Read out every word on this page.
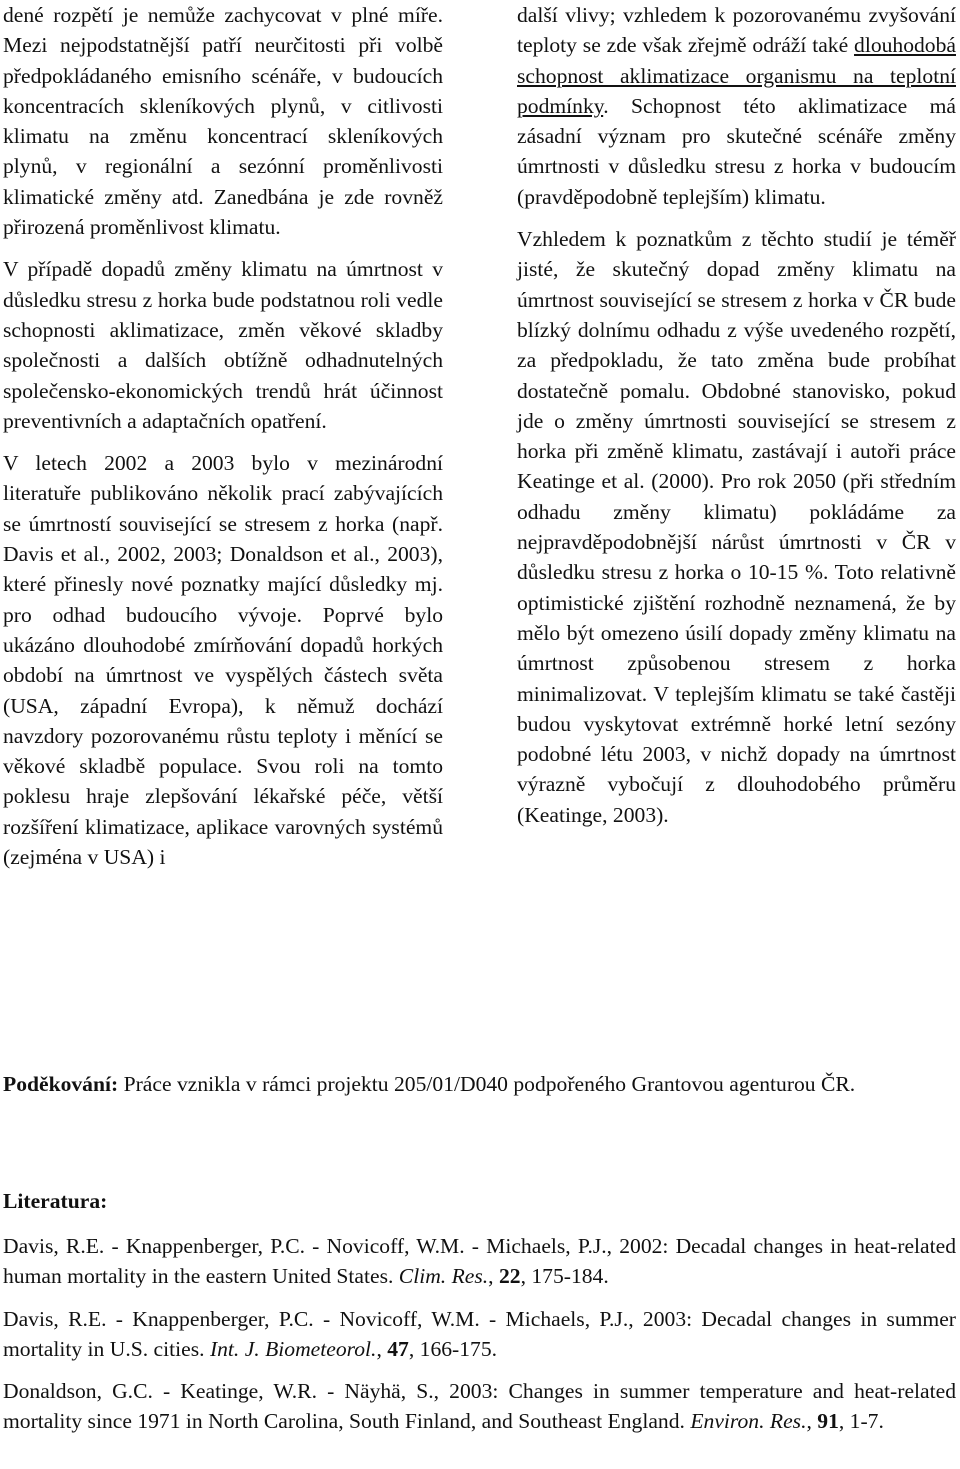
dené rozpětí je nemůže zachycovat v plné míře. Mezi nejpodstatnější patří neurčitosti při volbě předpokládaného emisního scénáře, v budoucích koncentracích skleníkových plynů, v citlivosti klimatu na změnu koncentrací skleníkových plynů, v regionální a sezónní proměnlivosti klimatické změny atd. Zanedbána je zde rovněž přirozená proměnlivost klimatu.

V případě dopadů změny klimatu na úmrtnost v důsledku stresu z horka bude podstatnou roli vedle schopnosti aklimatizace, změn věkové skladby společnosti a dalších obtížně odhadnutelných společensko-ekonomických trendů hrát účinnost preventivních a adaptačních opatření.

V letech 2002 a 2003 bylo v mezinárodní literatuře publikováno několik prací zabývajících se úmrtností související se stresem z horka (např. Davis et al., 2002, 2003; Donaldson et al., 2003), které přinesly nové poznatky mající důsledky mj. pro odhad budoucího vývoje. Poprvé bylo ukázáno dlouhodobé zmírňování dopadů horkých období na úmrtnost ve vyspělých částech světa (USA, západní Evropa), k němuž dochází navzdory pozorovanému růstu teploty i měnící se věkové skladbě populace. Svou roli na tomto poklesu hraje zlepšování lékařské péče, větší rozšíření klimatizace, aplikace varovných systémů (zejména v USA) i

další vlivy; vzhledem k pozorovanému zvyšování teploty se zde však zřejmě odráží také dlouhodobá schopnost aklimatizace organismu na teplotní podmínky. Schopnost této aklimatizace má zásadní význam pro skutečné scénáře změny úmrtnosti v důsledku stresu z horka v budoucím (pravděpodobně teplejším) klimatu.

Vzhledem k poznatkům z těchto studií je téměř jisté, že skutečný dopad změny klimatu na úmrtnost související se stresem z horka v ČR bude blízký dolnímu odhadu z výše uvedeného rozpětí, za předpokladu, že tato změna bude probíhat dostatečně pomalu. Obdobné stanovisko, pokud jde o změny úmrtnosti související se stresem z horka při změně klimatu, zastávají i autoři práce Keatinge et al. (2000). Pro rok 2050 (při středním odhadu změny klimatu) pokládáme za nejpravděpodobnější nárůst úmrtnosti v ČR v důsledku stresu z horka o 10-15 %. Toto relativně optimistické zjištění rozhodně neznamená, že by mělo být omezeno úsilí dopady změny klimatu na úmrtnost způsobenou stresem z horka minimalizovat. V teplejším klimatu se také častěji budou vyskytovat extrémně horké letní sezóny podobné létu 2003, v nichž dopady na úmrtnost výrazně vybočují z dlouhodobého průměru (Keatinge, 2003).

Poděkování: Práce vznikla v rámci projektu 205/01/D040 podpořeného Grantovou agenturou ČR.
Literatura:

Davis, R.E. - Knappenberger, P.C. - Novicoff, W.M. - Michaels, P.J., 2002: Decadal changes in heat-related human mortality in the eastern United States. Clim. Res., 22, 175-184.

Davis, R.E. - Knappenberger, P.C. - Novicoff, W.M. - Michaels, P.J., 2003: Decadal changes in summer mortality in U.S. cities. Int. J. Biometeorol., 47, 166-175.

Donaldson, G.C. - Keatinge, W.R. - Näyhä, S., 2003: Changes in summer temperature and heat-related mortality since 1971 in North Carolina, South Finland, and Southeast England. Environ. Res., 91, 1-7.
